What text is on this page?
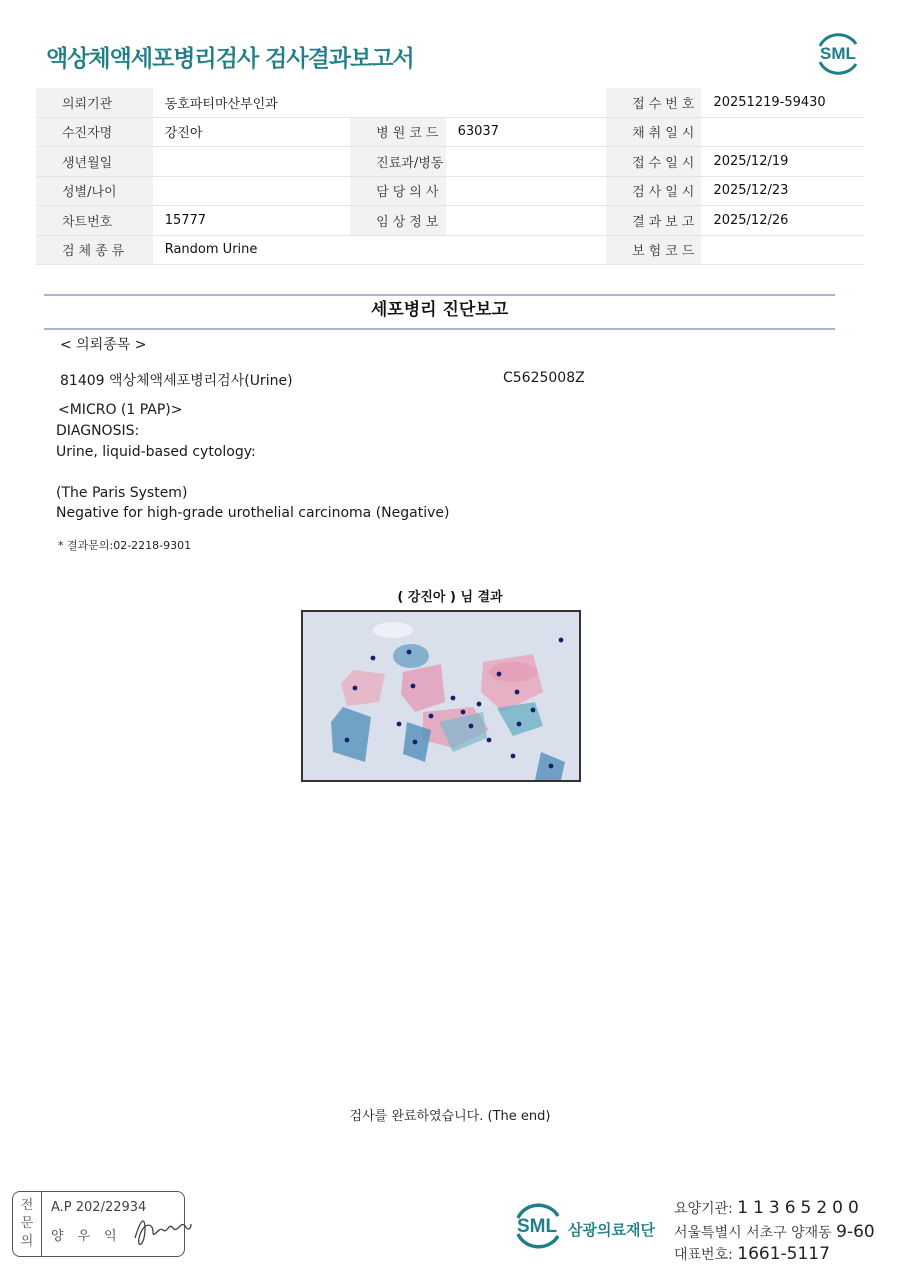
액상체액세포병리검사 검사결과보고서	SML
의뢰기관	동호파티마산부인과			접수번호	20251219-59430
수진자명	강진아	병원코드	63037	채취일시	
생년월일		진료과/병동		접수일시	2025/12/19
성별/나이		담당의사		검사일시	2025/12/23
차트번호	15777	임상정보		결과보고	2025/12/26
검체종류	Random Urine			보험코드	
세포병리 진단보고
< 의뢰종목 >
81409 액상체액세포병리검사(Urine)	C5625008Z
<MICRO (1 PAP)>
DIAGNOSIS:
Urine, liquid-based cytology:
(The Paris System)
Negative for high-grade urothelial carcinoma (Negative)
* 결과문의:02-2218-9301
( 강진아 ) 님 결과
검사를 완료하였습니다. (The end)
전
문
의
A.P 202/22934
양우익	SML 삼광의료재단
요양기관: 11365200
서울특별시 서초구 양재동 9-60
대표번호: 1661-5117
